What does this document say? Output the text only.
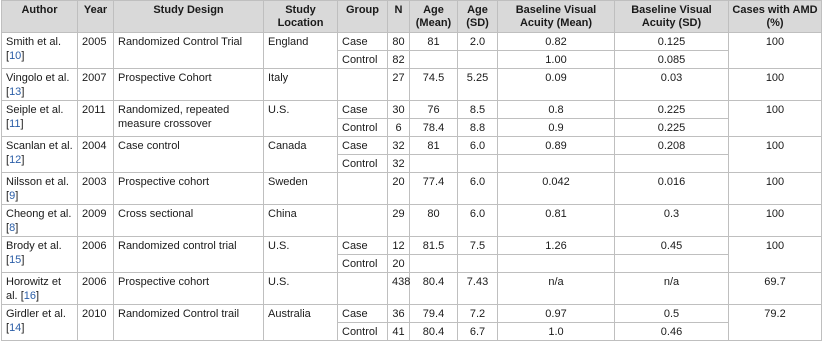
Author	Year	Study Design	Study Location	Group	N	Age (Mean)	Age (SD)	Baseline Visual Acuity (Mean)	Baseline Visual Acuity (SD)	Cases with AMD (%)
Smith et al. [10]	2005	Randomized Control Trial	England	Case	80	81	2.0	0.82	0.125	100
				Control	82			1.00	0.085	
Vingolo et al. [13]	2007	Prospective Cohort	Italy		27	74.5	5.25	0.09	0.03	100
Seiple et al. [11]	2011	Randomized, repeated measure crossover	U.S.	Case	30	76	8.5	0.8	0.225	100
				Control	6	78.4	8.8	0.9	0.225	
Scanlan et al. [12]	2004	Case control	Canada	Case	32	81	6.0	0.89	0.208	100
				Control	32					
Nilsson et al. [9]	2003	Prospective cohort	Sweden		20	77.4	6.0	0.042	0.016	100
Cheong et al. [8]	2009	Cross sectional	China		29	80	6.0	0.81	0.3	100
Brody et al. [15]	2006	Randomized control trial	U.S.	Case	12	81.5	7.5	1.26	0.45	100
				Control	20					
Horowitz et al. [16]	2006	Prospective cohort	U.S.		438	80.4	7.43	n/a	n/a	69.7
Girdler et al. [14]	2010	Randomized Control trail	Australia	Case	36	79.4	7.2	0.97	0.5	79.2
				Control	41	80.4	6.7	1.0	0.46	
